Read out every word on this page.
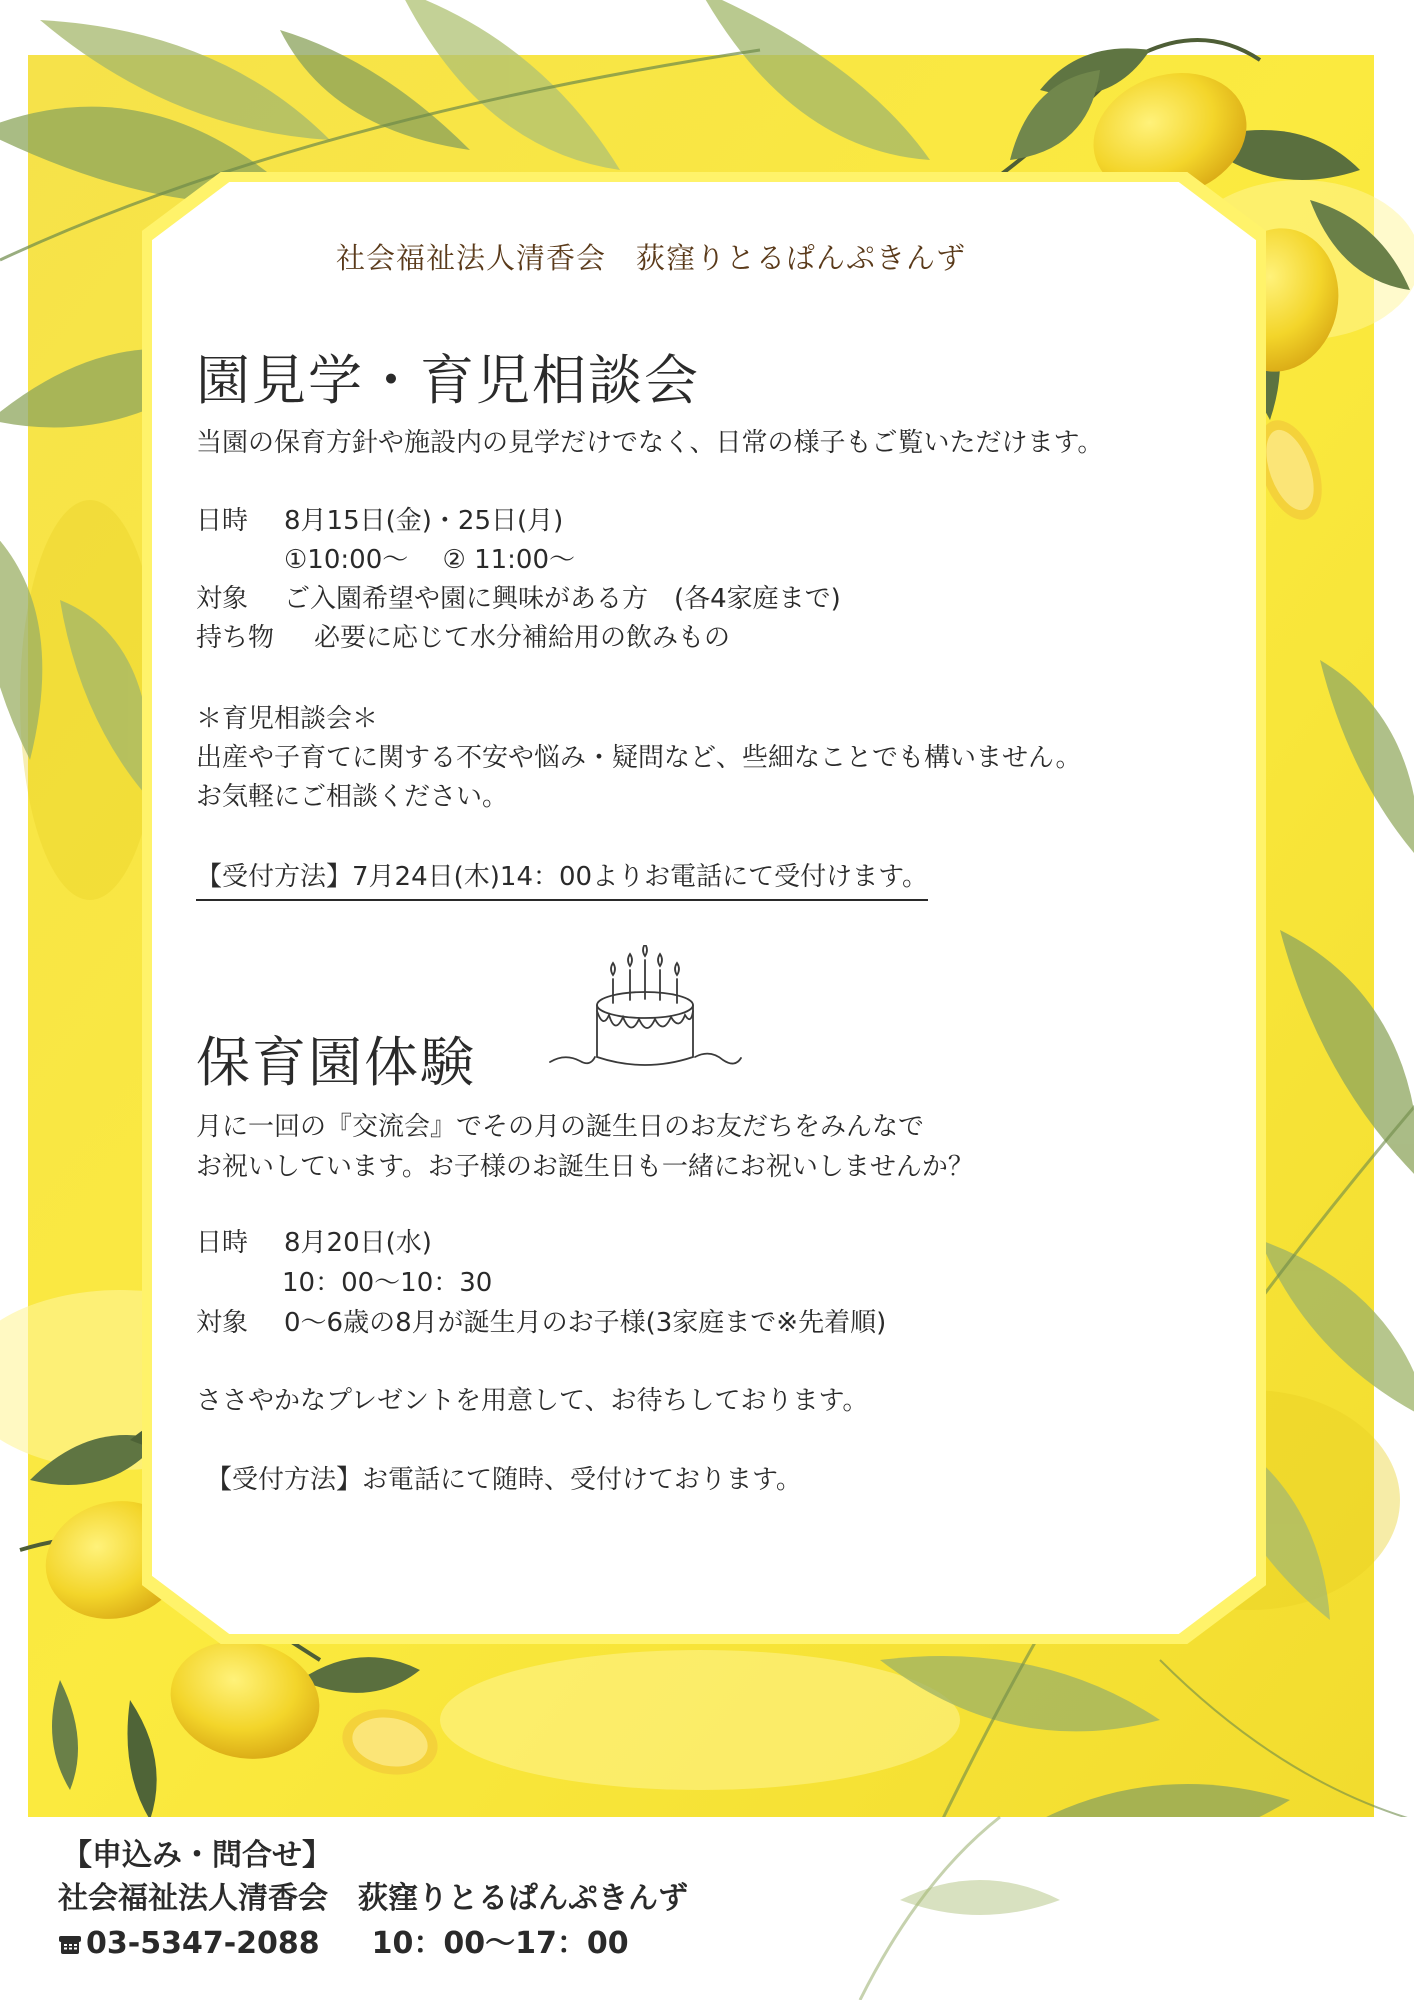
社会福祉法人清香会　荻窪りとるぱんぷきんず
園見学・育児相談会
当園の保育方針や施設内の見学だけでなく、日常の様子もご覧いただけます。
日時 8月15日(金)・25日(月)
①10:00～　 ② 11:00～
対象 ご入園希望や園に興味がある方　(各4家庭まで)
持ち物 必要に応じて水分補給用の飲みもの
＊育児相談会＊
出産や子育てに関する不安や悩み・疑問など、些細なことでも構いません。
お気軽にご相談ください。
【受付方法】7月24日(木)14：00よりお電話にて受付けます。
保育園体験
月に一回の『交流会』でその月の誕生日のお友だちをみんなで
お祝いしています。お子様のお誕生日も一緒にお祝いしませんか？
日時 8月20日(水)
10：00～10：30
対象 0～6歳の8月が誕生月のお子様(3家庭まで※先着順)
ささやかなプレゼントを用意して、お待ちしております。
【受付方法】お電話にて随時、受付けております。
【申込み・問合せ】
社会福祉法人清香会　荻窪りとるぱんぷきんず
03-5347-2088 10：00～17：00
